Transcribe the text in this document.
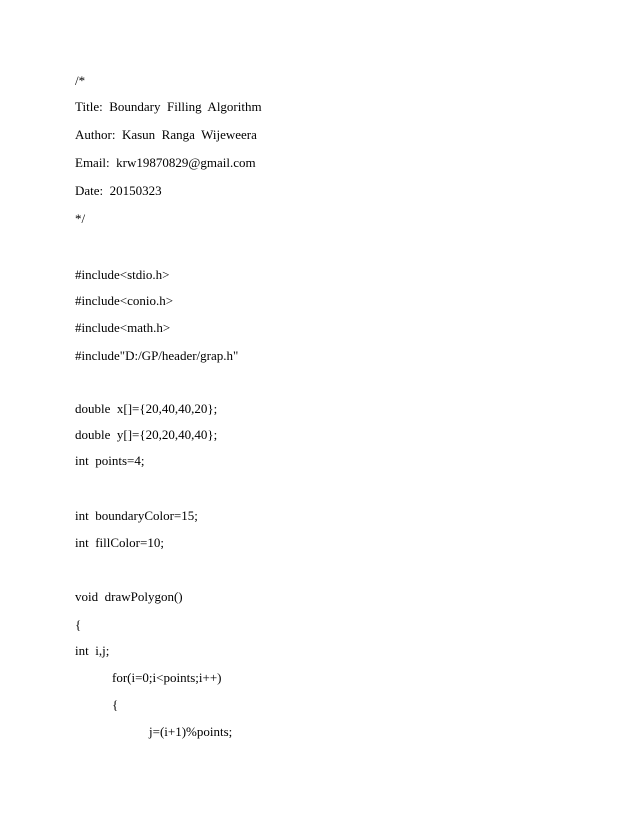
/*
Title:  Boundary  Filling  Algorithm
Author:  Kasun  Ranga  Wijeweera
Email:  krw19870829@gmail.com
Date:  20150323
*/
#include<stdio.h>
#include<conio.h>
#include<math.h>
#include"D:/GP/header/grap.h"
double  x[]={20,40,40,20};
double  y[]={20,20,40,40};
int  points=4;
int  boundaryColor=15;
int  fillColor=10;
void  drawPolygon()
{
int  i,j;
for(i=0;i<points;i++)
{
j=(i+1)%points;
